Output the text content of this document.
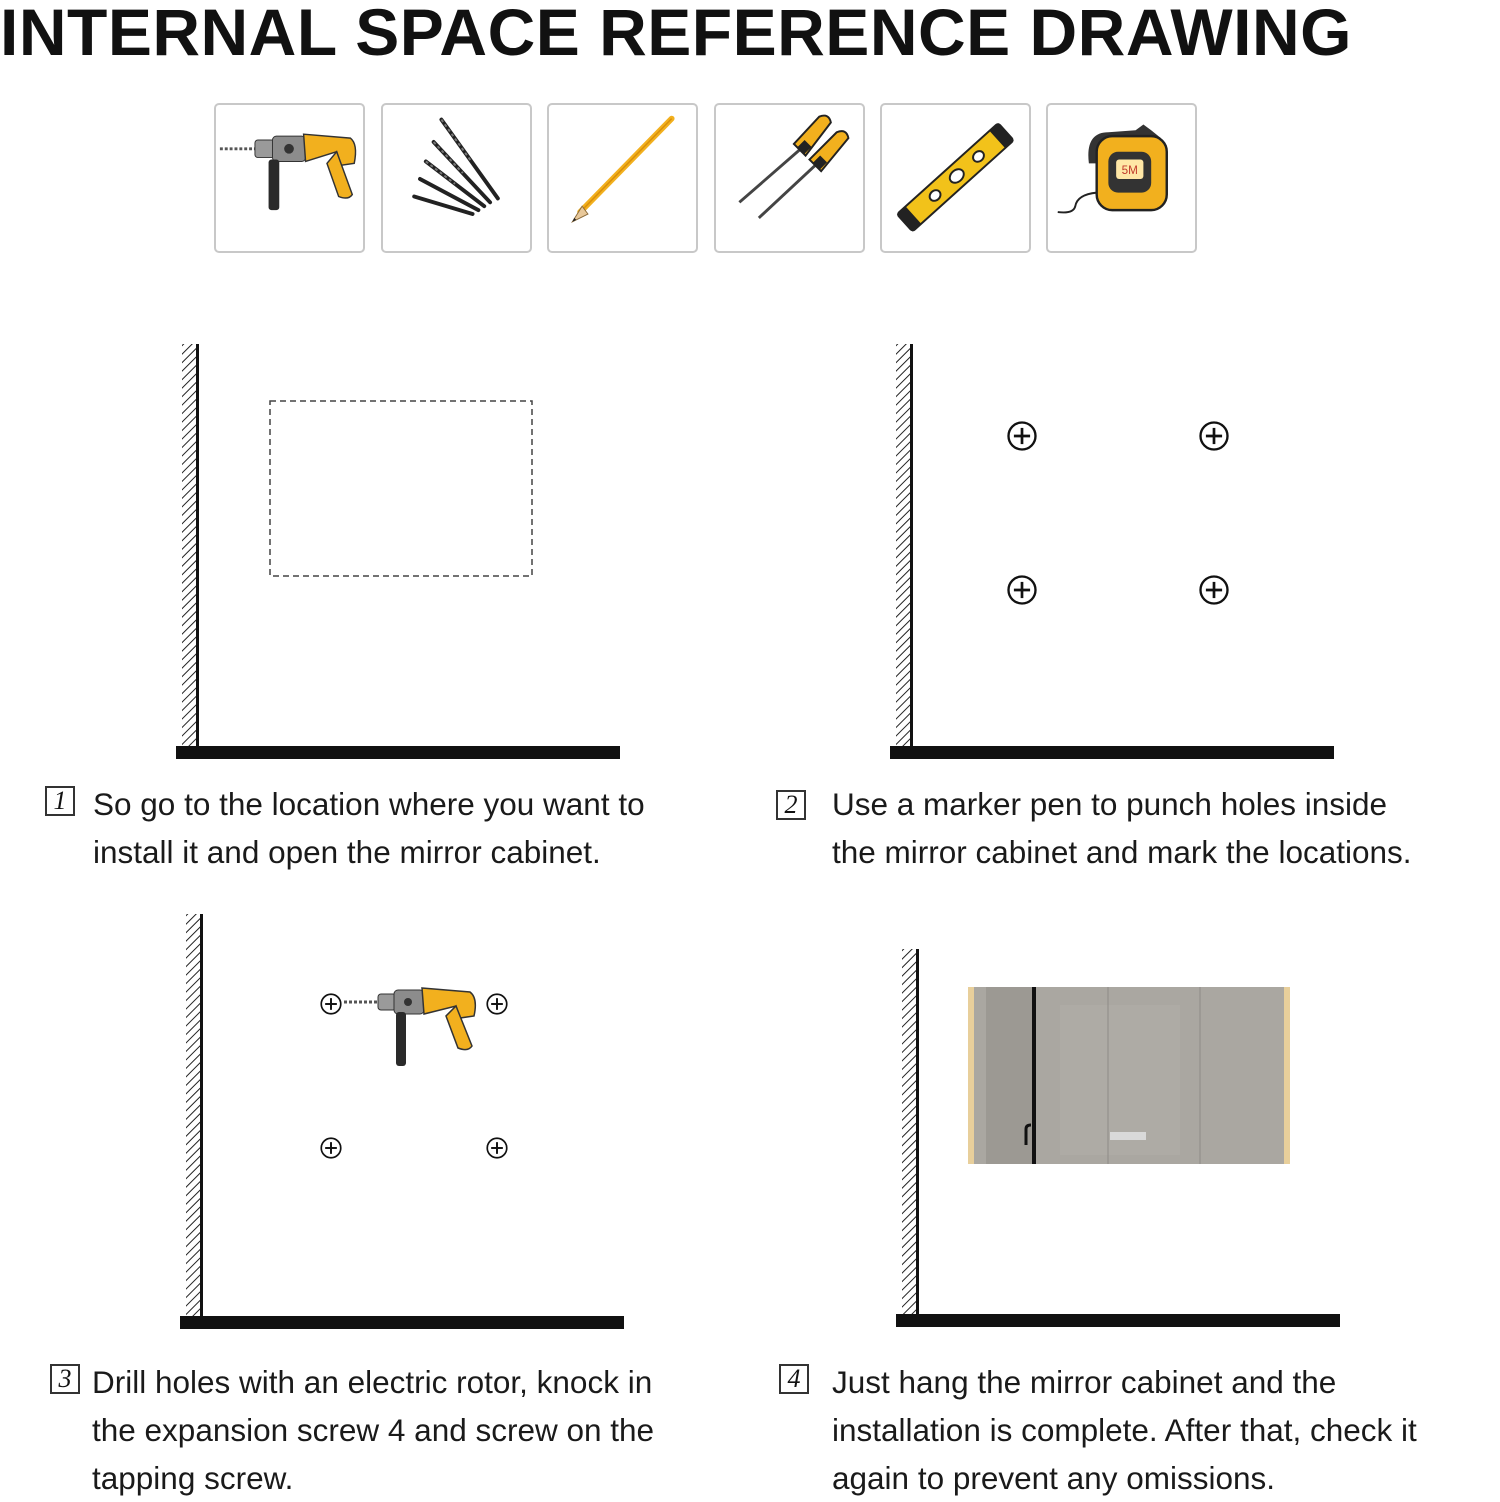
INTERNAL SPACE REFERENCE DRAWING
5M
1 So go to the location where you want to
install it and open the mirror cabinet.
2 Use a marker pen to punch holes inside
the mirror cabinet and mark the locations.
3 Drill holes with an electric rotor, knock in
the expansion screw 4 and screw on the
tapping screw.
4 Just hang the mirror cabinet and the
installation is complete. After that, check it
again to prevent any omissions.
